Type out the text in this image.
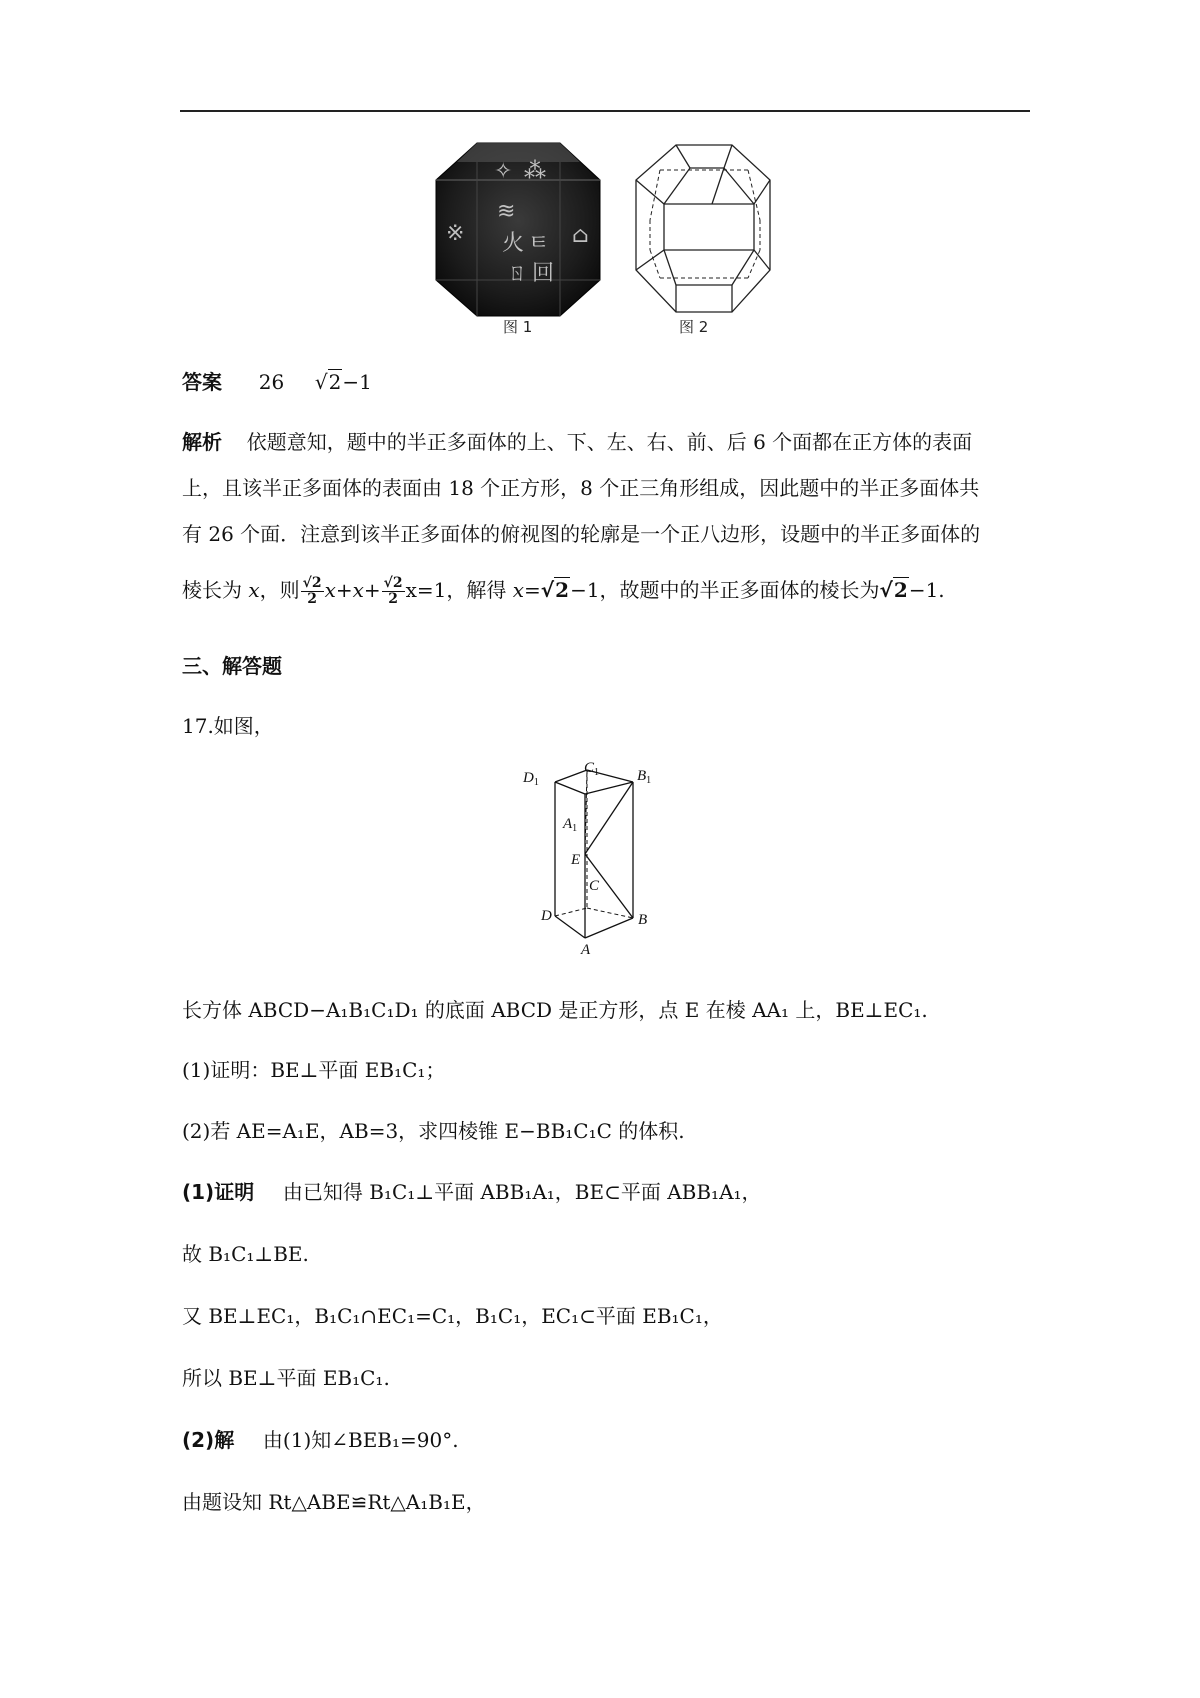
✧ ⁂
≋
火 ㅌ
※	⌂
ㄖ 回
图 1	图 2
答案 26 √2−1
解析 依题意知，题中的半正多面体的上、下、左、右、前、后 6 个面都在正方体的表面
上，且该半正多面体的表面由 18 个正方形，8 个正三角形组成，因此题中的半正多面体共
有 26 个面．注意到该半正多面体的俯视图的轮廓是一个正八边形，设题中的半正多面体的
棱长为 x，则 $\frac{√2}{2} x+x+ \frac{√2}{2} x=1$，解得 x=√2−1，故题中的半正多面体的棱长为√2−1.
三、解答题
17.如图，
$C_1$
$D_1$	$B_1$
$A_1$
E
C
D	B
A
长方体 ABCD−A₁B₁C₁D₁ 的底面 ABCD 是正方形，点 E 在棱 AA₁ 上，BE⊥EC₁.
(1)证明：BE⊥平面 EB₁C₁；
(2)若 AE=A₁E，AB=3，求四棱锥 E−BB₁C₁C 的体积.
(1)证明 由已知得 B₁C₁⊥平面 ABB₁A₁，BE⊂平面 ABB₁A₁，
故 B₁C₁⊥BE.
又 BE⊥EC₁，B₁C₁∩EC₁=C₁，B₁C₁，EC₁⊂平面 EB₁C₁，
所以 BE⊥平面 EB₁C₁.
(2)解 由(1)知∠BEB₁=90°.
由题设知 Rt△ABE≌Rt△A₁B₁E，
